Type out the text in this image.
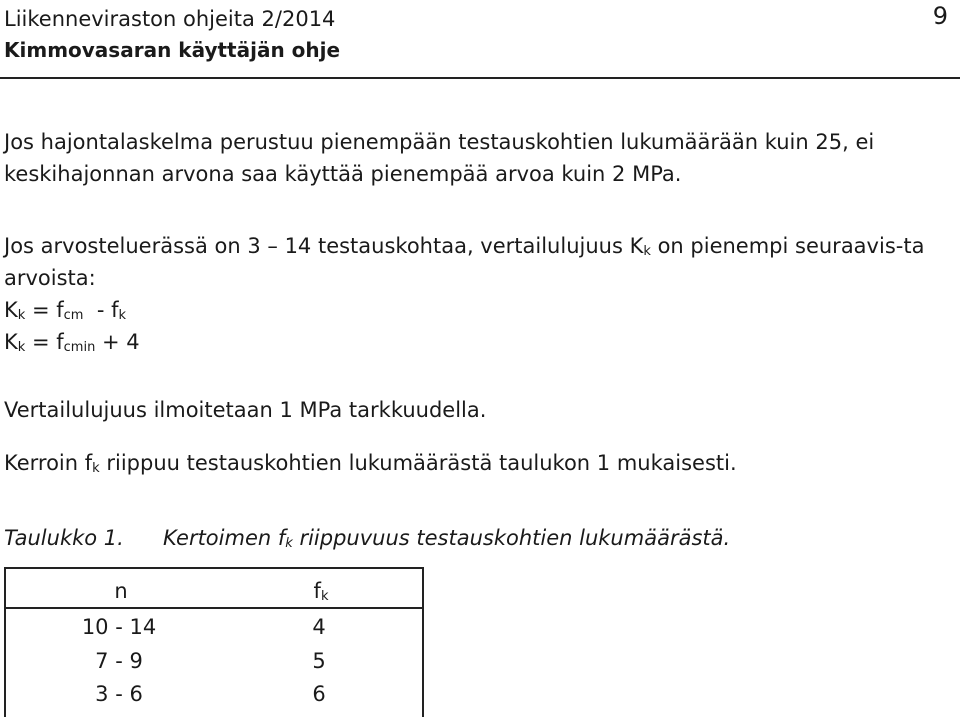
Liikenneviraston ohjeita 2/2014
Kimmovasaran käyttäjän ohje
9
Jos hajontalaskelma perustuu pienempään testauskohtien lukumäärään kuin 25, ei keskihajonnan arvona saa käyttää pienempää arvoa kuin 2 MPa.
Jos arvosteluerässä on 3 – 14 testauskohtaa, vertailulujuus $K_k$ on pienempi seuraavis-ta arvoista:
$K_k = f_{cm} - f_k$
$K_k = f_{cmin} + 4$
Vertailulujuus ilmoitetaan 1 MPa tarkkuudella.
Kerroin $f_k$ riippuu testauskohtien lukumäärästä taulukon 1 mukaisesti.
Taulukko 1. Kertoimen $f_k$ riippuvuus testauskohtien lukumäärästä.
n	$f_k$
10 - 14	4
7 - 9	5
3 - 6	6
